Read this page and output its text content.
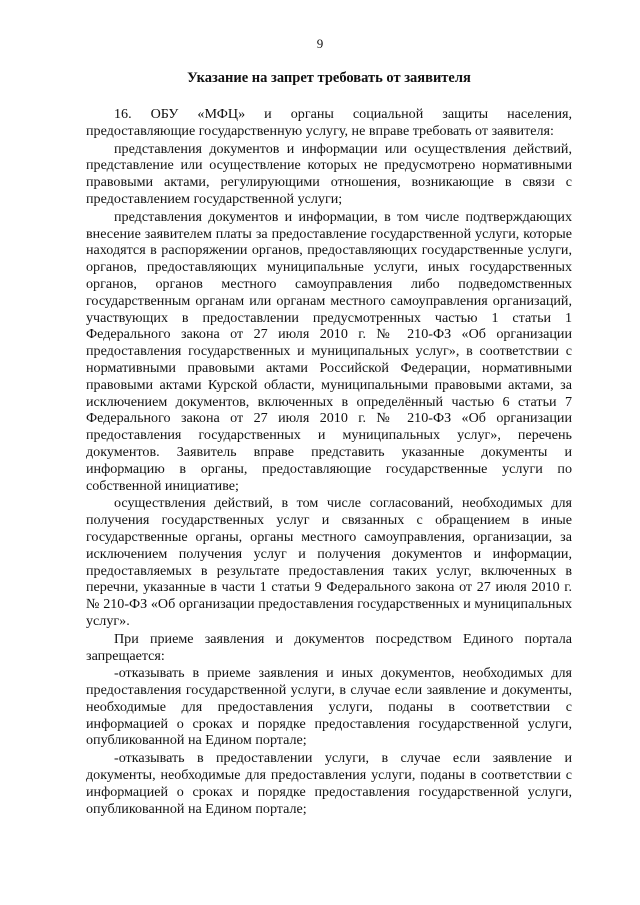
9
Указание на запрет требовать от заявителя

16. ОБУ «МФЦ» и органы социальной защиты населения, предоставляющие государственную услугу, не вправе требовать от заявителя:

представления документов и информации или осуществления действий, представление или осуществление которых не предусмотрено нормативными правовыми актами, регулирующими отношения, возникающие в связи с предоставлением государственной услуги;

представления документов и информации, в том числе подтверждающих внесение заявителем платы за предоставление государственной услуги, которые находятся в распоряжении органов, предоставляющих государственные услуги, органов, предоставляющих муниципальные услуги, иных государственных органов, органов местного самоуправления либо подведомственных государственным органам или органам местного самоуправления организаций, участвующих в предоставлении предусмотренных частью 1 статьи 1 Федерального закона от 27 июля 2010 г. № 210-ФЗ «Об организации предоставления государственных и муниципальных услуг», в соответствии с нормативными правовыми актами Российской Федерации, нормативными правовыми актами Курской области, муниципальными правовыми актами, за исключением документов, включенных в определённый частью 6 статьи 7 Федерального закона от 27 июля 2010 г. № 210-ФЗ «Об организации предоставления государственных и муниципальных услуг», перечень документов. Заявитель вправе представить указанные документы и информацию в органы, предоставляющие государственные услуги по собственной инициативе;

осуществления действий, в том числе согласований, необходимых для получения государственных услуг и связанных с обращением в иные государственные органы, органы местного самоуправления, организации, за исключением получения услуг и получения документов и информации, предоставляемых в результате предоставления таких услуг, включенных в перечни, указанные в части 1 статьи 9 Федерального закона от 27 июля 2010 г. № 210-ФЗ «Об организации предоставления государственных и муниципальных услуг».

При приеме заявления и документов посредством Единого портала запрещается:

-отказывать в приеме заявления и иных документов, необходимых для предоставления государственной услуги, в случае если заявление и документы, необходимые для предоставления услуги, поданы в соответствии с информацией о сроках и порядке предоставления государственной услуги, опубликованной на Едином портале;

-отказывать в предоставлении услуги, в случае если заявление и документы, необходимые для предоставления услуги, поданы в соответствии с информацией о сроках и порядке предоставления государственной услуги, опубликованной на Едином портале;
